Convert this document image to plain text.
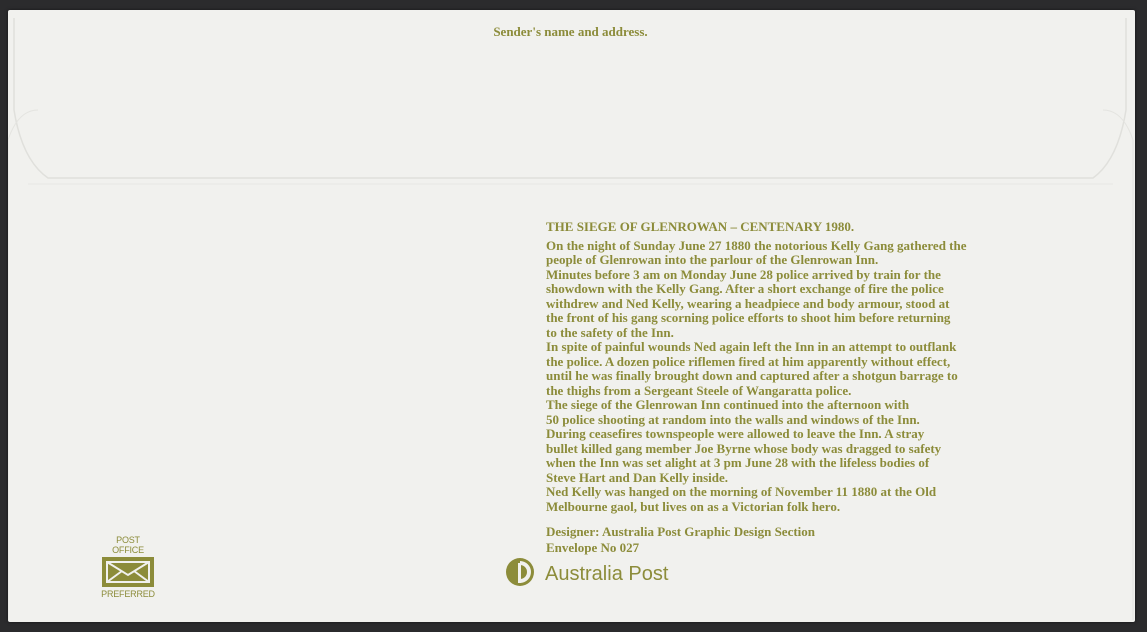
Sender's name and address.
THE SIEGE OF GLENROWAN – CENTENARY 1980.
On the night of Sunday June 27 1880 the notorious Kelly Gang gathered the
people of Glenrowan into the parlour of the Glenrowan Inn.
Minutes before 3 am on Monday June 28 police arrived by train for the
showdown with the Kelly Gang. After a short exchange of fire the police
withdrew and Ned Kelly, wearing a headpiece and body armour, stood at
the front of his gang scorning police efforts to shoot him before returning
to the safety of the Inn.
In spite of painful wounds Ned again left the Inn in an attempt to outflank
the police. A dozen police riflemen fired at him apparently without effect,
until he was finally brought down and captured after a shotgun barrage to
the thighs from a Sergeant Steele of Wangaratta police.
The siege of the Glenrowan Inn continued into the afternoon with
50 police shooting at random into the walls and windows of the Inn.
During ceasefires townspeople were allowed to leave the Inn. A stray
bullet killed gang member Joe Byrne whose body was dragged to safety
when the Inn was set alight at 3 pm June 28 with the lifeless bodies of
Steve Hart and Dan Kelly inside.
Ned Kelly was hanged on the morning of November 11 1880 at the Old
Melbourne gaol, but lives on as a Victorian folk hero.
Designer: Australia Post Graphic Design Section
Envelope No 027
POST OFFICE
PREFERRED
Australia Post
